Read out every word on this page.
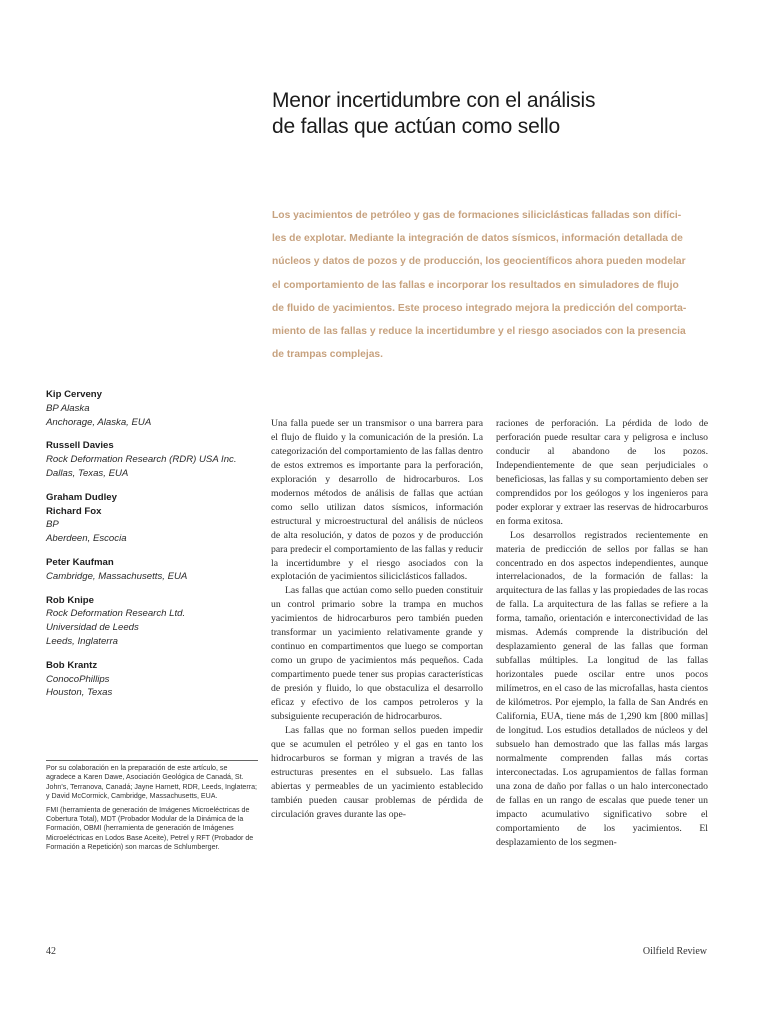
Menor incertidumbre con el análisis
de fallas que actúan como sello
Los yacimientos de petróleo y gas de formaciones siliciclásticas falladas son difíci-
les de explotar. Mediante la integración de datos sísmicos, información detallada de
núcleos y datos de pozos y de producción, los geocientíficos ahora pueden modelar
el comportamiento de las fallas e incorporar los resultados en simuladores de flujo
de fluido de yacimientos. Este proceso integrado mejora la predicción del comporta-
miento de las fallas y reduce la incertidumbre y el riesgo asociados con la presencia
de trampas complejas.
Kip Cerveny
BP Alaska
Anchorage, Alaska, EUA
Russell Davies
Rock Deformation Research (RDR) USA Inc.
Dallas, Texas, EUA
Graham Dudley
Richard Fox
BP
Aberdeen, Escocia
Peter Kaufman
Cambridge, Massachusetts, EUA
Rob Knipe
Rock Deformation Research Ltd.
Universidad de Leeds
Leeds, Inglaterra
Bob Krantz
ConocoPhillips
Houston, Texas

Por su colaboración en la preparación de este artículo, se agradece a Karen Dawe, Asociación Geológica de Canadá, St. John's, Terranova, Canadá; Jayne Harnett, RDR, Leeds, Inglaterra; y David McCormick, Cambridge, Massachusetts, EUA.

FMI (herramienta de generación de Imágenes Microeléctricas de Cobertura Total), MDT (Probador Modular de la Dinámica de la Formación, OBMI (herramienta de generación de Imágenes Microeléctricas en Lodos Base Aceite), Petrel y RFT (Probador de Formación a Repetición) son marcas de Schlumberger.

Una falla puede ser un transmisor o una barrera para el flujo de fluido y la comunicación de la presión. La categorización del comportamiento de las fallas dentro de estos extremos es importante para la perforación, exploración y desarrollo de hidrocarburos. Los modernos métodos de análisis de fallas que actúan como sello utilizan datos sísmicos, información estructural y microestructural del análisis de núcleos de alta resolución, y datos de pozos y de producción para predecir el comportamiento de las fallas y reducir la incertidumbre y el riesgo asociados con la explotación de yacimientos siliciclásticos fallados.

Las fallas que actúan como sello pueden constituir un control primario sobre la trampa en muchos yacimientos de hidrocarburos pero también pueden transformar un yacimiento relativamente grande y continuo en compartimentos que luego se comportan como un grupo de yacimientos más pequeños. Cada compartimento puede tener sus propias características de presión y fluido, lo que obstaculiza el desarrollo eficaz y efectivo de los campos petroleros y la subsiguiente recuperación de hidrocarburos.

Las fallas que no forman sellos pueden impedir que se acumulen el petróleo y el gas en tanto los hidrocarburos se forman y migran a través de las estructuras presentes en el subsuelo. Las fallas abiertas y permeables de un yacimiento establecido también pueden causar problemas de pérdida de circulación graves durante las ope-

raciones de perforación. La pérdida de lodo de perforación puede resultar cara y peligrosa e incluso conducir al abandono de los pozos. Independientemente de que sean perjudiciales o beneficiosas, las fallas y su comportamiento deben ser comprendidos por los geólogos y los ingenieros para poder explorar y extraer las reservas de hidrocarburos en forma exitosa.

Los desarrollos registrados recientemente en materia de predicción de sellos por fallas se han concentrado en dos aspectos independientes, aunque interrelacionados, de la formación de fallas: la arquitectura de las fallas y las propiedades de las rocas de falla. La arquitectura de las fallas se refiere a la forma, tamaño, orientación e interconectividad de las mismas. Además comprende la distribución del desplazamiento general de las fallas que forman subfallas múltiples. La longitud de las fallas horizontales puede oscilar entre unos pocos milímetros, en el caso de las microfallas, hasta cientos de kilómetros. Por ejemplo, la falla de San Andrés en California, EUA, tiene más de 1,290 km [800 millas] de longitud. Los estudios detallados de núcleos y del subsuelo han demostrado que las fallas más largas normalmente comprenden fallas más cortas interconectadas. Los agrupamientos de fallas forman una zona de daño por fallas o un halo interconectado de fallas en un rango de escalas que puede tener un impacto acumulativo significativo sobre el comportamiento de los yacimientos. El desplazamiento de los segmen-

42	Oilfield Review
